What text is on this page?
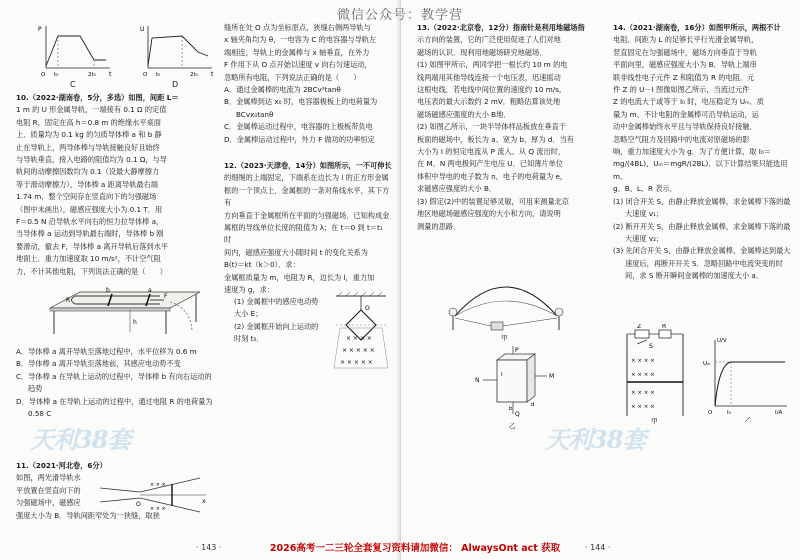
P
t
O t₀	2t₀
C
U
t
O t₀	2t₀
D

10.（2022·湖南卷，5分，多选）如图，间距 L＝

1 m 的 U 形金属导轨，一端接有 0.1 Ω 的定值

电阻 R，固定在高 h＝0.8 m 的绝缘水平桌面

上．质量均为 0.1 kg 的匀质导体棒 a 和 b 静

止在导轨上，两导体棒与导轨接触良好且始终

与导轨垂直，接入电路的阻值均为 0.1 Ω，与导

轨间的动摩擦因数均为 0.1（设最大静摩擦力

等于滑动摩擦力），导体棒 a 距离导轨最右端

1.74 m．整个空间存在竖直向下的匀强磁场

（图中未画出），磁感应强度大小为 0.1 T．用

F＝0.5 N 沿导轨水平向右的恒力拉导体棒 a，

当导体棒 a 运动到导轨最右端时，导体棒 b 刚

要滑动，撤去 F，导体棒 a 离开导轨后落到水平

地面上．重力加速度取 10 m/s²，不计空气阻

力，不计其他电阻，下列说法正确的是（　　）

b	a
R
F
h

A．导体棒 a 离开导轨至落地过程中，水平位移为 0.6 m

B．导体棒 a 离开导轨至落地前，其感应电动势不变

C．导体棒 a 在导轨上运动的过程中，导体棒 b 有向右运动的趋势

D．导体棒 a 在导轨上运动的过程中，通过电阻 R 的电荷量为 0.58 C

11.（2021·河北卷，6分）

如图，两光滑导轨水

平放置在竖直向下的

匀强磁场中，磁感应

强度大小为 B．导轨间距窄处为一狭缝，取狭

× × ×
× × ×
O	x

缝所在处 O 点为坐标原点，狭缝右侧两导轨与

x 轴夹角均为 θ，一电容为 C 的电容器与导轨左

端相连，导轨上的金属棒与 x 轴垂直，在外力

F 作用下从 O 点开始以速度 v 向右匀速运动，

忽略所有电阻，下列说法正确的是（　　）

A．通过金属棒的电流为 2BCv²tanθ

B．金属棒到达 x₀ 时，电容器极板上的电荷量为 BCvx₀tanθ

C．金属棒运动过程中，电容器的上极板带负电

D．金属棒运动过程中，外力 F 做功的功率恒定

12.（2023·天津卷，14分）如图所示，一不可伸长

的细绳的上端固定，下端系在边长为 l 的正方形金属

框的一个顶点上．金属框的一条对角线水平，其下方有

方向垂直于金属框所在平面的匀强磁场．已知构成金

属框的导线单位长度的阻值为 λ；在 t＝0 到 t＝t₁ 时

间内，磁感应强度大小随时间 t 的变化关系为

B(t)＝kt（k＞0）．求：

金属框质量为 m，电阻为 R，边长为 l，重力加

速度为 g，求：

(1) 金属框中的感应电动势大小 E；

(2) 金属框开始向上运动的时刻 t₀．

O
× × × ×
× × × × ×
× × × × ×
天利38套
· 143 ·

13.（2022·北京卷，12分）指南针是利用地磁场指

示方向的装置，它的广泛使用促进了人们对地

磁场的认识．现利用地磁场研究地磁场．

(1) 如图甲所示，两同学把一根长约 10 m 的电

线两端用其他导线连接一个电压表，迅速摇动

这根电线．若电线中间位置的速度约 10 m/s，

电压表的最大示数约 2 mV．粗略估算该处地

磁场磁感应强度的大小 B地．

(2) 如图乙所示，一块半导体样品板放在垂直于

板面的磁场中，板长为 a、宽为 b、厚为 d．当有

大小为 I 的恒定电流从 P 流入、从 Q 流出时，

在 M、N 两电极间产生电压 U．已知薄片单位

体积中导电的电子数为 n，电子的电荷量为 e，

求磁感应强度的大小 B．

(3) 假定(2)中的装置足够灵敏，可用来测量北京

地区地磁场磁感应强度的大小和方向，请说明

测量的思路．

甲
P
Q
N
M
b
d
I
乙

14.（2021·湖南卷，16分）如图甲所示，两根不计

电阻、间距为 L 的足够长平行光滑金属导轨，

竖直固定在匀强磁场中，磁场方向垂直于导轨

平面向里，磁感应强度大小为 B．导轨上端串

联非线性电子元件 Z 和阻值为 R 的电阻．元

件 Z 的 U－I 图像如图乙所示，当流过元件

Z 的电流大于或等于 I₀ 时，电压稳定为 Uₘ．质

量为 m、不计电阻的金属棒可沿导轨运动，运

动中金属棒始终水平且与导轨保持良好接触．

忽略空气阻力及回路中的电流对原磁场的影

响，重力加速度大小为 g．为了方便计算，取 I₀＝

mg/(4BL)，Uₘ＝mgR/(2BL)．以下计算结果只能选用 m、

g、B、L、R 表示．

(1) 闭合开关 S，由静止释放金属棒，求金属棒下落的最大速度 v₁；

(2) 断开开关 S，由静止释放金属棒，求金属棒下落的最大速度 v₂；

(3) 先闭合开关 S，由静止释放金属棒，金属棒达到最大速度后，再断开开关 S．忽略回路中电流突变的时间，求 S 断开瞬间金属棒的加速度大小 a．

Z	R
S
× × × ×
× × × ×
× × × ×
× × × ×
甲
U/V
I/A
Uₘ
O	I₀
乙
天利38套
· 144 ·
微信公众号：教学营
2026高考一二三轮全套复习资料请加微信： AlwaysOnt act 获取
